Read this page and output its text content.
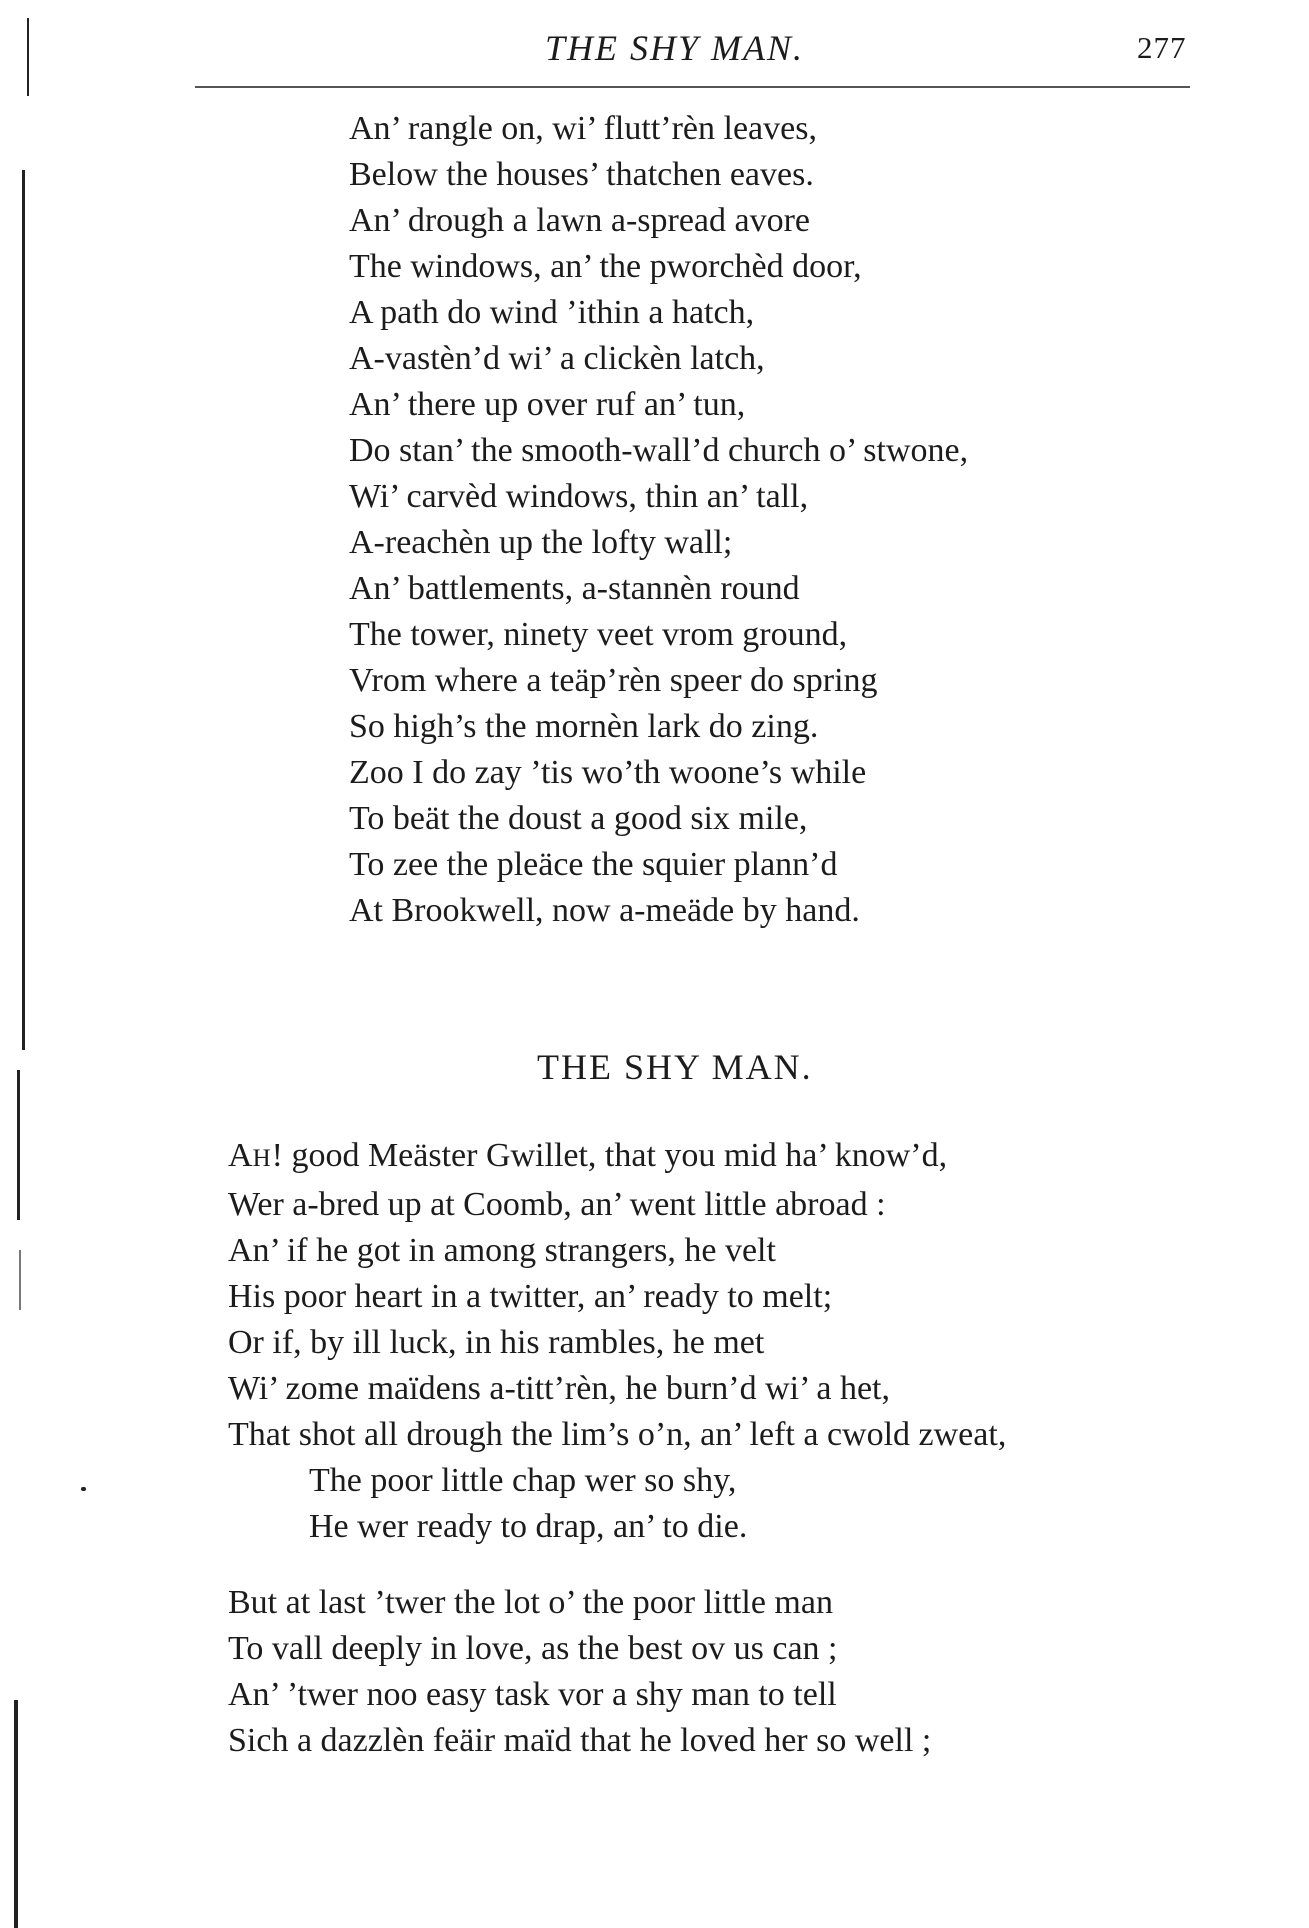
THE SHY MAN.	277
An’ rangle on, wi’ flutt’rèn leaves,
Below the houses’ thatchen eaves.
An’ drough a lawn a-spread avore
The windows, an’ the pworchèd door,
A path do wind ’ithin a hatch,
A-vastèn’d wi’ a clickèn latch,
An’ there up over ruf an’ tun,
Do stan’ the smooth-wall’d church o’ stwone,
Wi’ carvèd windows, thin an’ tall,
A-reachèn up the lofty wall;
An’ battlements, a-stannèn round
The tower, ninety veet vrom ground,
Vrom where a teäp’rèn speer do spring
So high’s the mornèn lark do zing.
Zoo I do zay ’tis wo’th woone’s while
To beät the doust a good six mile,
To zee the pleäce the squier plann’d
At Brookwell, now a-meäde by hand.
THE SHY MAN.
AH! good Meäster Gwillet, that you mid ha’ know’d,
Wer a-bred up at Coomb, an’ went little abroad :
An’ if he got in among strangers, he velt
His poor heart in a twitter, an’ ready to melt;
Or if, by ill luck, in his rambles, he met
Wi’ zome maïdens a-titt’rèn, he burn’d wi’ a het,
That shot all drough the lim’s o’n, an’ left a cwold zweat,
The poor little chap wer so shy,
He wer ready to drap, an’ to die.
But at last ’twer the lot o’ the poor little man
To vall deeply in love, as the best ov us can ;
An’ ’twer noo easy task vor a shy man to tell
Sich a dazzlèn feäir maïd that he loved her so well ;
